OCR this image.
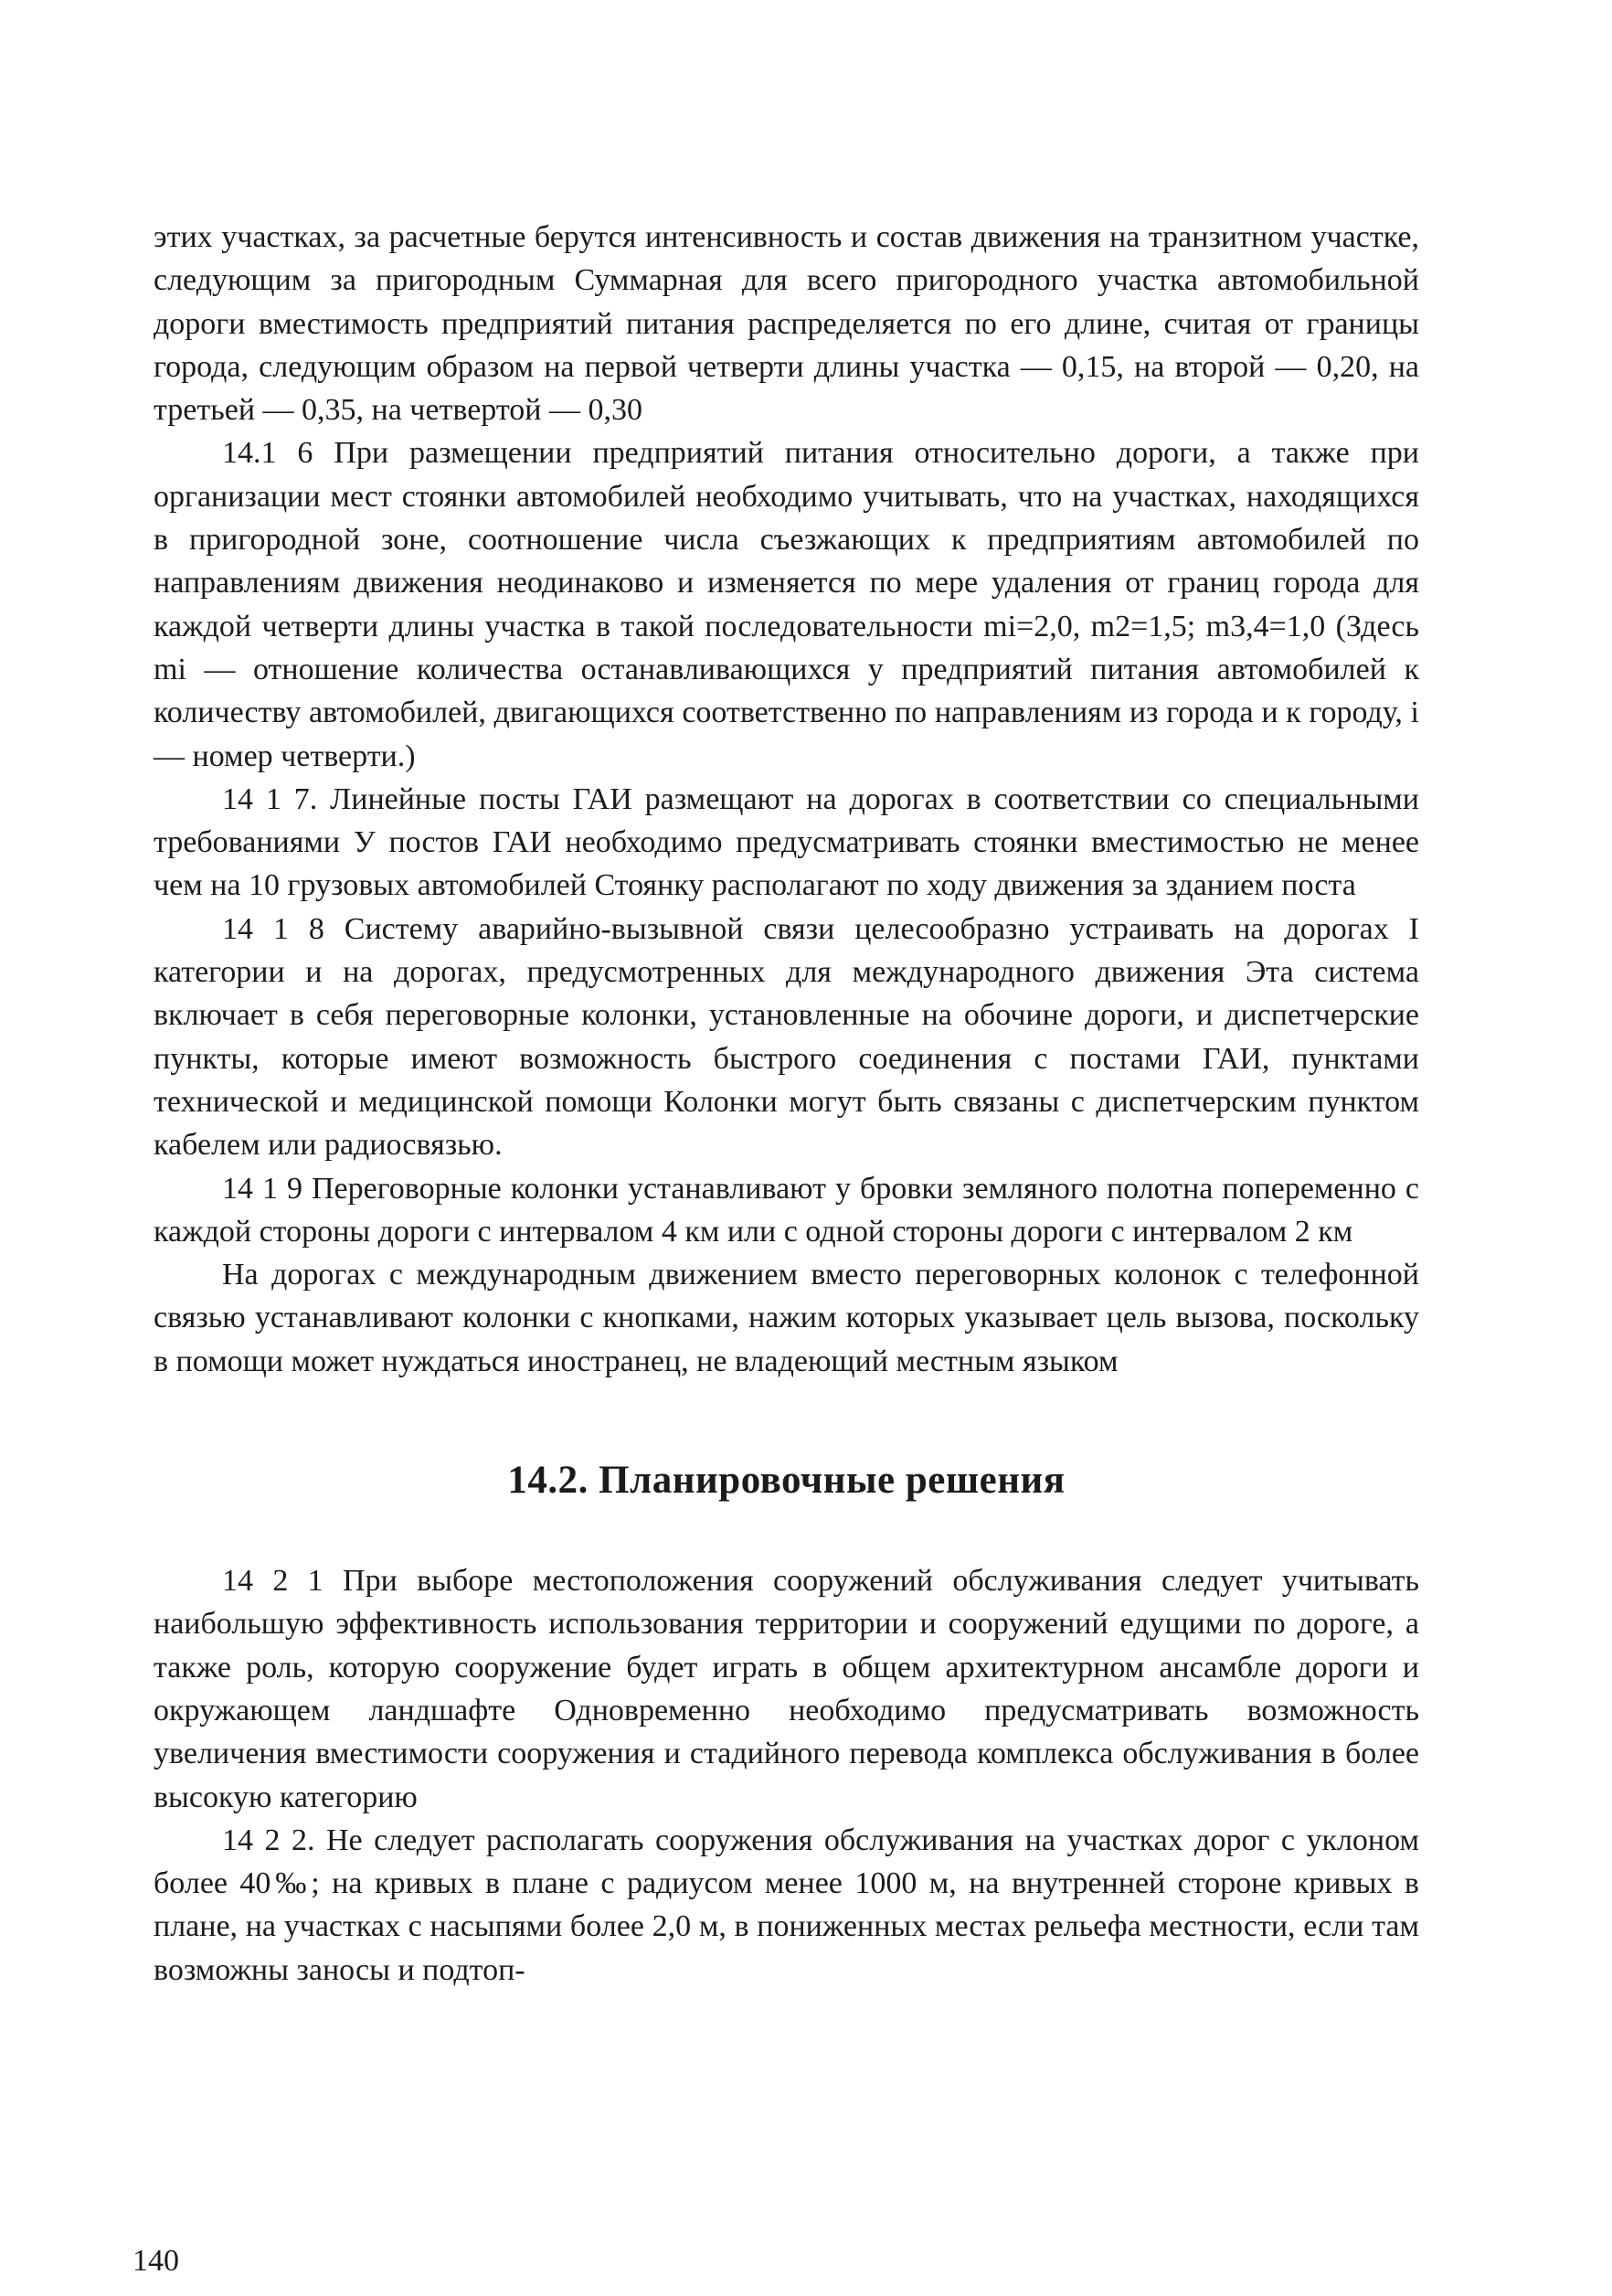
этих участках, за расчетные берутся интенсивность и состав движения на транзитном участке, следующим за пригородным Суммарная для всего пригородного участка автомобильной дороги вместимость предприятий питания распределяется по его длине, считая от границы города, следующим образом на первой четверти длины участка — 0,15, на второй — 0,20, на третьей — 0,35, на четвертой — 0,30

14.1 6 При размещении предприятий питания относительно дороги, а также при организации мест стоянки автомобилей необходимо учитывать, что на участках, находящихся в пригородной зоне, соотношение числа съезжающих к предприятиям автомобилей по направлениям движения неодинаково и изменяется по мере удаления от границ города для каждой четверти длины участка в такой последовательности mi=2,0, m2=1,5; m3,4=1,0 (Здесь mi — отношение количества останавливающихся у предприятий питания автомобилей к количеству автомобилей, двигающихся соответственно по направлениям из города и к городу, i — номер четверти.)

14 1 7. Линейные посты ГАИ размещают на дорогах в соответствии со специальными требованиями У постов ГАИ необходимо предусматривать стоянки вместимостью не менее чем на 10 грузовых автомобилей Стоянку располагают по ходу движения за зданием поста

14 1 8 Систему аварийно-вызывной связи целесообразно устраивать на дорогах I категории и на дорогах, предусмотренных для международного движения Эта система включает в себя переговорные колонки, установленные на обочине дороги, и диспетчерские пункты, которые имеют возможность быстрого соединения с постами ГАИ, пунктами технической и медицинской помощи Колонки могут быть связаны с диспетчерским пунктом кабелем или радиосвязью.

14 1 9 Переговорные колонки устанавливают у бровки земляного полотна попеременно с каждой стороны дороги с интервалом 4 км или с одной стороны дороги с интервалом 2 км

На дорогах с международным движением вместо переговорных колонок с телефонной связью устанавливают колонки с кнопками, нажим которых указывает цель вызова, поскольку в помощи может нуждаться иностранец, не владеющий местным языком

14.2. Планировочные решения

14 2 1 При выборе местоположения сооружений обслуживания следует учитывать наибольшую эффективность использования территории и сооружений едущими по дороге, а также роль, которую сооружение будет играть в общем архитектурном ансамбле дороги и окружающем ландшафте Одновременно необходимо предусматривать возможность увеличения вместимости сооружения и стадийного перевода комплекса обслуживания в более высокую категорию

14 2 2. Не следует располагать сооружения обслуживания на участках дорог с уклоном более 40‰; на кривых в плане с радиусом менее 1000 м, на внутренней стороне кривых в плане, на участках с насыпями более 2,0 м, в пониженных местах рельефа местности, если там возможны заносы и подтоп-

140
